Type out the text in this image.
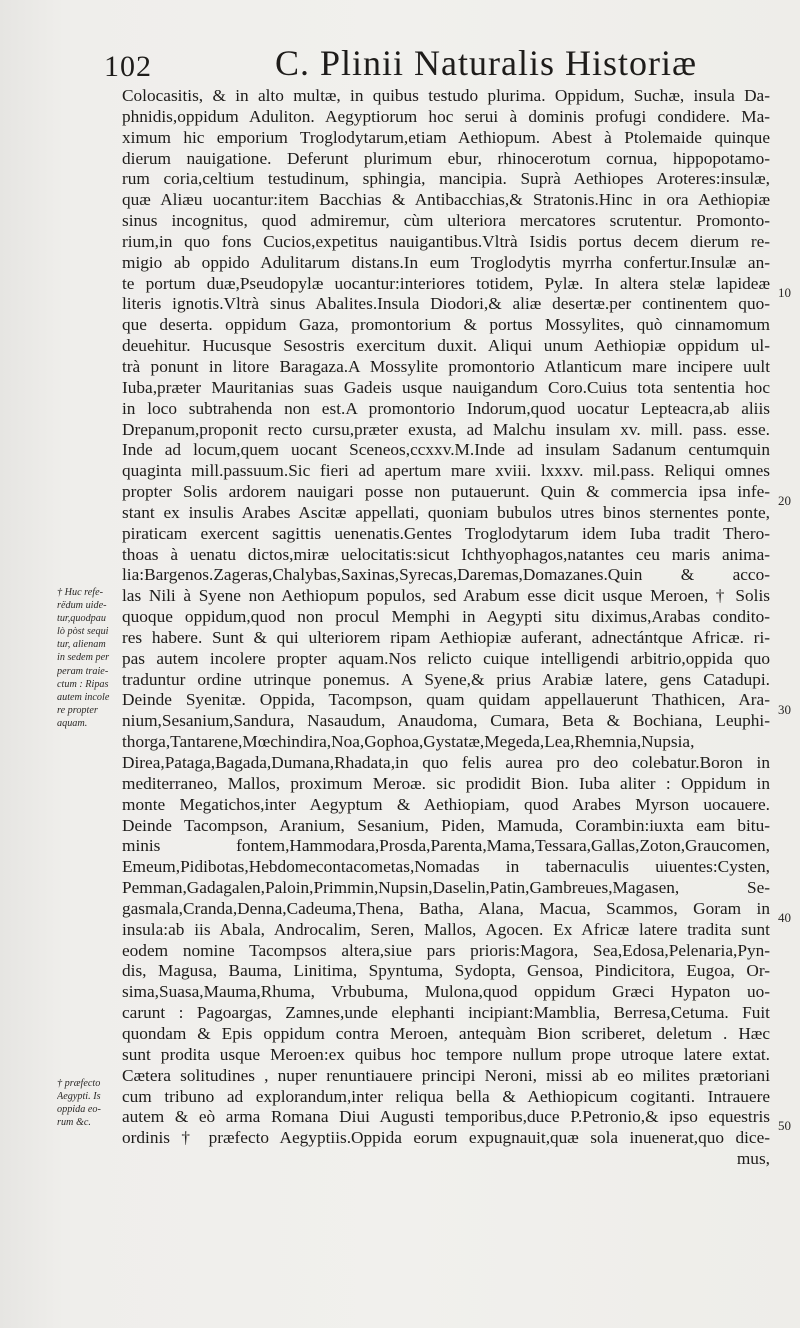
102	C. Plinii Naturalis Historiæ
Colocasitis, & in alto multæ, in quibus testudo plurima. Oppidum, Suchæ, insula Da-
phnidis,oppidum Aduliton. Aegyptiorum hoc serui à dominis profugi condidere. Ma-
ximum hic emporium Troglodytarum,etiam Aethiopum. Abest à Ptolemaide quinque
dierum nauigatione. Deferunt plurimum ebur, rhinocerotum cornua, hippopotamo-
rum coria,celtium testudinum, sphingia, mancipia. Suprà Aethiopes Aroteres:insulæ,
quæ Aliæu uocantur:item Bacchias & Antibacchias,& Stratonis.Hinc in ora Aethiopiæ
sinus incognitus, quod admiremur, cùm ulteriora mercatores scrutentur. Promonto-
rium,in quo fons Cucios,expetitus nauigantibus.Vltrà Isidis portus decem dierum re-
migio ab oppido Adulitarum distans.In eum Troglodytis myrrha confertur.Insulæ an-
te portum duæ,Pseudopylæ uocantur:interiores totidem, Pylæ. In altera stelæ lapideæ
literis ignotis.Vltrà sinus Abalites.Insula Diodori,& aliæ desertæ.per continentem quo-
que deserta. oppidum Gaza, promontorium & portus Mossylites, quò cinnamomum
deuehitur. Hucusque Sesostris exercitum duxit. Aliqui unum Aethiopiæ oppidum ul-
trà ponunt in litore Baragaza.A Mossylite promontorio Atlanticum mare incipere uult
Iuba,præter Mauritanias suas Gadeis usque nauigandum Coro.Cuius tota sententia hoc
in loco subtrahenda non est.A promontorio Indorum,quod uocatur Lepteacra,ab aliis
Drepanum,proponit recto cursu,præter exusta, ad Malchu insulam xv. mill. pass. esse.
Inde ad locum,quem uocant Sceneos,ccxxv.M.Inde ad insulam Sadanum centumquin
quaginta mill.passuum.Sic fieri ad apertum mare xviii. lxxxv. mil.pass. Reliqui omnes
propter Solis ardorem nauigari posse non putauerunt. Quin & commercia ipsa infe-
stant ex insulis Arabes Ascitæ appellati, quoniam bubulos utres binos sternentes ponte,
piraticam exercent sagittis uenenatis.Gentes Troglodytarum idem Iuba tradit Thero-
thoas à uenatu dictos,miræ uelocitatis:sicut Ichthyophagos,natantes ceu maris anima-
lia:Bargenos.Zageras,Chalybas,Saxinas,Syrecas,Daremas,Domazanes.Quin & acco-
las Nili à Syene non Aethiopum populos, sed Arabum esse dicit usque Meroen, † Solis
quoque oppidum,quod non procul Memphi in Aegypti situ diximus,Arabas condito-
res habere. Sunt & qui ulteriorem ripam Aethiopiæ auferant, adnectántque Africæ. ri-
pas autem incolere propter aquam.Nos relicto cuique intelligendi arbitrio,oppida quo
traduntur ordine utrinque ponemus. A Syene,& prius Arabiæ latere, gens Catadupi.
Deinde Syenitæ. Oppida, Tacompson, quam quidam appellauerunt Thathicen, Ara-
nium,Sesanium,Sandura, Nasaudum, Anaudoma, Cumara, Beta & Bochiana, Leuphi-
thorga,Tantarene,Mœchindira,Noa,Gophoa,Gystatæ,Megeda,Lea,Rhemnia,Nupsia,
Direa,Pataga,Bagada,Dumana,Rhadata,in quo felis aurea pro deo colebatur.Boron in
mediterraneo, Mallos, proximum Meroæ. sic prodidit Bion. Iuba aliter : Oppidum in
monte Megatichos,inter Aegyptum & Aethiopiam, quod Arabes Myrson uocauere.
Deinde Tacompson, Aranium, Sesanium, Piden, Mamuda, Corambin:iuxta eam bitu-
minis fontem,Hammodara,Prosda,Parenta,Mama,Tessara,Gallas,Zoton,Graucomen,
Emeum,Pidibotas,Hebdomecontacometas,Nomadas in tabernaculis uiuentes:Cysten,
Pemman,Gadagalen,Paloin,Primmin,Nupsin,Daselin,Patin,Gambreues,Magasen, Se-
gasmala,Cranda,Denna,Cadeuma,Thena, Batha, Alana, Macua, Scammos, Goram in
insula:ab iis Abala, Androcalim, Seren, Mallos, Agocen. Ex Africæ latere tradita sunt
eodem nomine Tacompsos altera,siue pars prioris:Magora, Sea,Edosa,Pelenaria,Pyn-
dis, Magusa, Bauma, Linitima, Spyntuma, Sydopta, Gensoa, Pindicitora, Eugoa, Or-
sima,Suasa,Mauma,Rhuma, Vrbubuma, Mulona,quod oppidum Græci Hypaton uo-
carunt : Pagoargas, Zamnes,unde elephanti incipiant:Mamblia, Berresa,Cetuma. Fuit
quondam & Epis oppidum contra Meroen, antequàm Bion scriberet, deletum . Hæc
sunt prodita usque Meroen:ex quibus hoc tempore nullum prope utroque latere extat.
Cætera solitudines , nuper renuntiauere principi Neroni, missi ab eo milites prætoriani
cum tribuno ad explorandum,inter reliqua bella & Aethiopicum cogitanti. Intrauere
autem & eò arma Romana Diui Augusti temporibus,duce P.Petronio,& ipso equestris
ordinis † præfecto Aegyptiis.Oppida eorum expugnauit,quæ sola inuenerat,quo dice-
mus,
† Huc refe-
rëdum uide-
tur,quodpau
lò pòst sequi
tur, alienam
in sedem per
peram traie-
ctum : Ripas
autem incole
re propter
aquam.
† præfecto
Aegypti. Is
oppida eo-
rum &c.
10
20
30
40
50
